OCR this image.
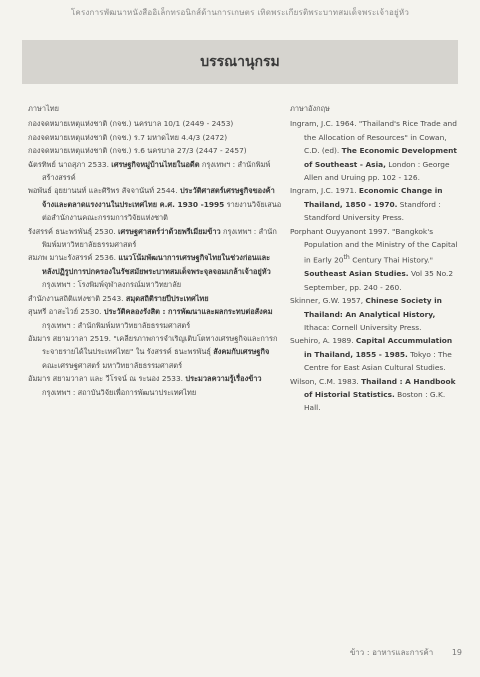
โครงการพัฒนาหนังสืออิเล็กทรอนิกส์ด้านการเกษตร เทิดพระเกียรติพระบาทสมเด็จพระเจ้าอยู่หัว
บรรณานุกรม
ภาษาไทย

กองจดหมายเหตุแห่งชาติ (กจช.) นครบาล 10/1 (2449 - 2453)

กองจดหมายเหตุแห่งชาติ (กจช.) ร.7 มหาดไทย 4.4/3 (2472)

กองจดหมายเหตุแห่งชาติ (กจช.) ร.6 นครบาล 27/3 (2447 - 2457)

ฉัตรทิพย์ นาถสุภา 2533. เศรษฐกิจหมู่บ้านไทยในอดีต กรุงเทพฯ : สำนักพิมพ์สร้างสรรค์

พอพันธ์ อุยยานนท์ และศิริพร สัจจานันท์ 2544. ประวัติศาสตร์เศรษฐกิจของค้าจ้างและตลาดแรงงานในประเทศไทย ค.ศ. 1930 -1995 รายงานวิจัยเสนอต่อสำนักงานคณะกรรมการวิจัยแห่งชาติ

รังสรรค์ ธนะพรพันธุ์ 2530. เศรษฐศาสตร์ว่าด้วยพรีเมียมข้าว กรุงเทพฯ : สำนักพิมพ์มหาวิทยาลัยธรรมศาสตร์

สมภพ มานะรังสรรค์ 2536. แนวโน้มพัฒนาการเศรษฐกิจไทยในช่วงก่อนและหลังปฏิรูปการปกครองในรัชสมัยพระบาทสมเด็จพระจุลจอมเกล้าเจ้าอยู่หัว กรุงเทพฯ : โรงพิมพ์จุฬาลงกรณ์มหาวิทยาลัย

สำนักงานสถิติแห่งชาติ 2543. สมุดสถิติรายปีประเทศไทย

สุนทรี อาสะไวย์ 2530. ประวัติคลองรังสิต : การพัฒนาและผลกระทบต่อสังคม กรุงเทพฯ : สำนักพิมพ์มหาวิทยาลัยธรรมศาสตร์

อัมมาร สยามวาลา 2519. "เคลียรภาพการจำเริญเติบโตทางเศรษฐกิจและการกระจายรายได้ในประเทศไทย" ใน รังสรรค์ ธนะพรพันธุ์ สังคมกับเศรษฐกิจ คณะเศรษฐศาสตร์ มหาวิทยาลัยธรรมศาสตร์

อัมมาร สยามวาลา และ วีโรจน์ ณ ระนอง 2533. ประมวลความรู้เรื่องข้าว กรุงเทพฯ : สถาบันวิจัยเพื่อการพัฒนาประเทศไทย

ภาษาอังกฤษ

Ingram, J.C. 1964. "Thailand's Rice Trade and the Allocation of Resources" in Cowan, C.D. (ed). The Economic Development of Southeast - Asia, London : George Allen and Uruing pp. 102 - 126.

Ingram, J.C. 1971. Economic Change in Thailand, 1850 - 1970. Standford : Standford University Press.

Porphant Ouyyanont 1997. "Bangkok's Population and the Ministry of the Capital in Early 20th Century Thai History." Southeast Asian Studies. Vol 35 No.2 September, pp. 240 - 260.

Skinner, G.W. 1957, Chinese Society in Thailand: An Analytical History, Ithaca: Cornell University Press.

Suehiro, A. 1989. Capital Accummulation in Thailand, 1855 - 1985. Tokyo : The Centre for East Asian Cultural Studies.

Wilson, C.M. 1983. Thailand : A Handbook of Historial Statistics. Boston : G.K. Hall.

ข้าว : อาหารและการค้า 19
